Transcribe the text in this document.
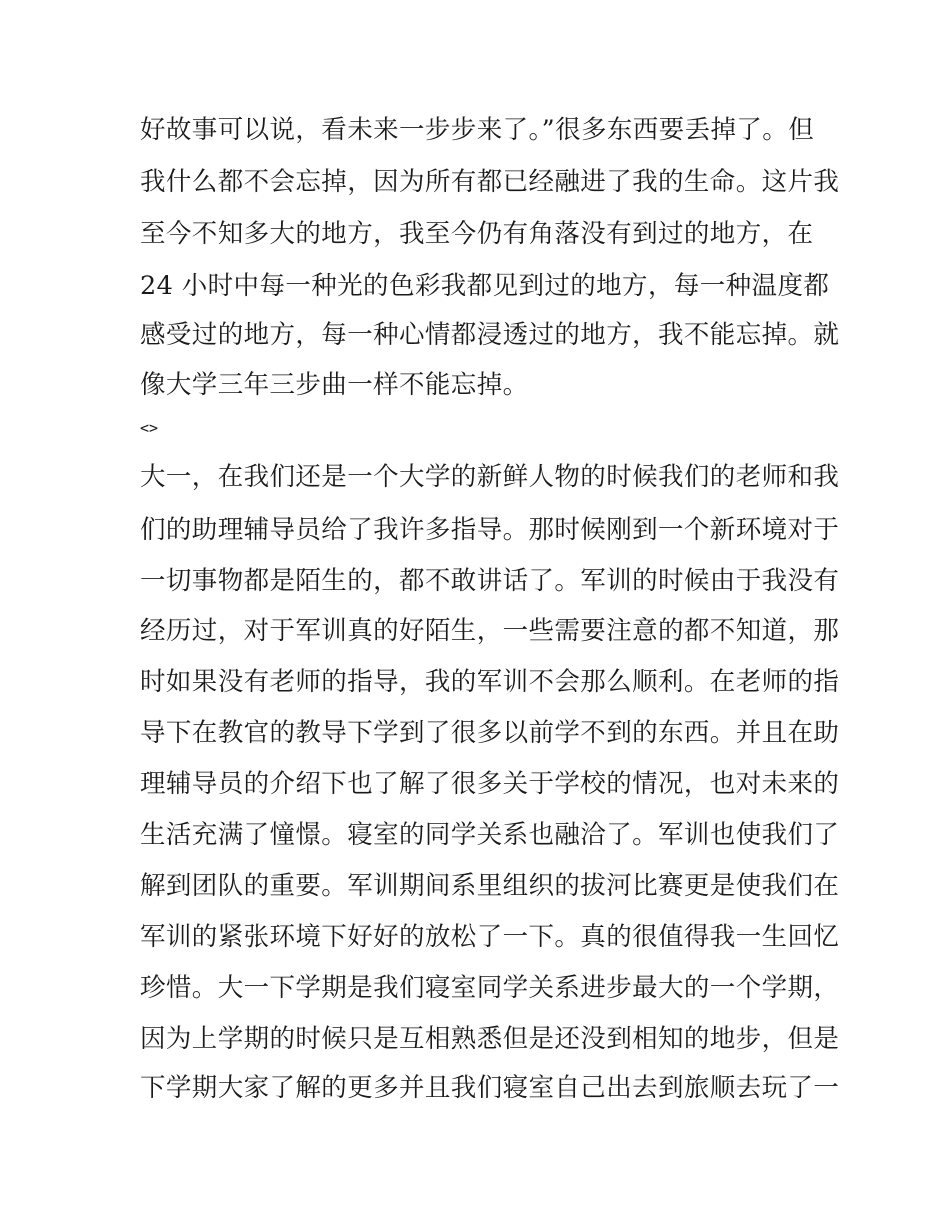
好故事可以说，看未来一步步来了。”很多东西要丢掉了。但
我什么都不会忘掉，因为所有都已经融进了我的生命。这片我
至今不知多大的地方，我至今仍有角落没有到过的地方，在
24 小时中每一种光的色彩我都见到过的地方，每一种温度都
感受过的地方，每一种心情都浸透过的地方，我不能忘掉。就
像大学三年三步曲一样不能忘掉。
<>
大一，在我们还是一个大学的新鲜人物的时候我们的老师和我
们的助理辅导员给了我许多指导。那时候刚到一个新环境对于
一切事物都是陌生的，都不敢讲话了。军训的时候由于我没有
经历过，对于军训真的好陌生，一些需要注意的都不知道，那
时如果没有老师的指导，我的军训不会那么顺利。在老师的指
导下在教官的教导下学到了很多以前学不到的东西。并且在助
理辅导员的介绍下也了解了很多关于学校的情况，也对未来的
生活充满了憧憬。寝室的同学关系也融洽了。军训也使我们了
解到团队的重要。军训期间系里组织的拔河比赛更是使我们在
军训的紧张环境下好好的放松了一下。真的很值得我一生回忆
珍惜。大一下学期是我们寝室同学关系进步最大的一个学期，
因为上学期的时候只是互相熟悉但是还没到相知的地步，但是
下学期大家了解的更多并且我们寝室自己出去到旅顺去玩了一
